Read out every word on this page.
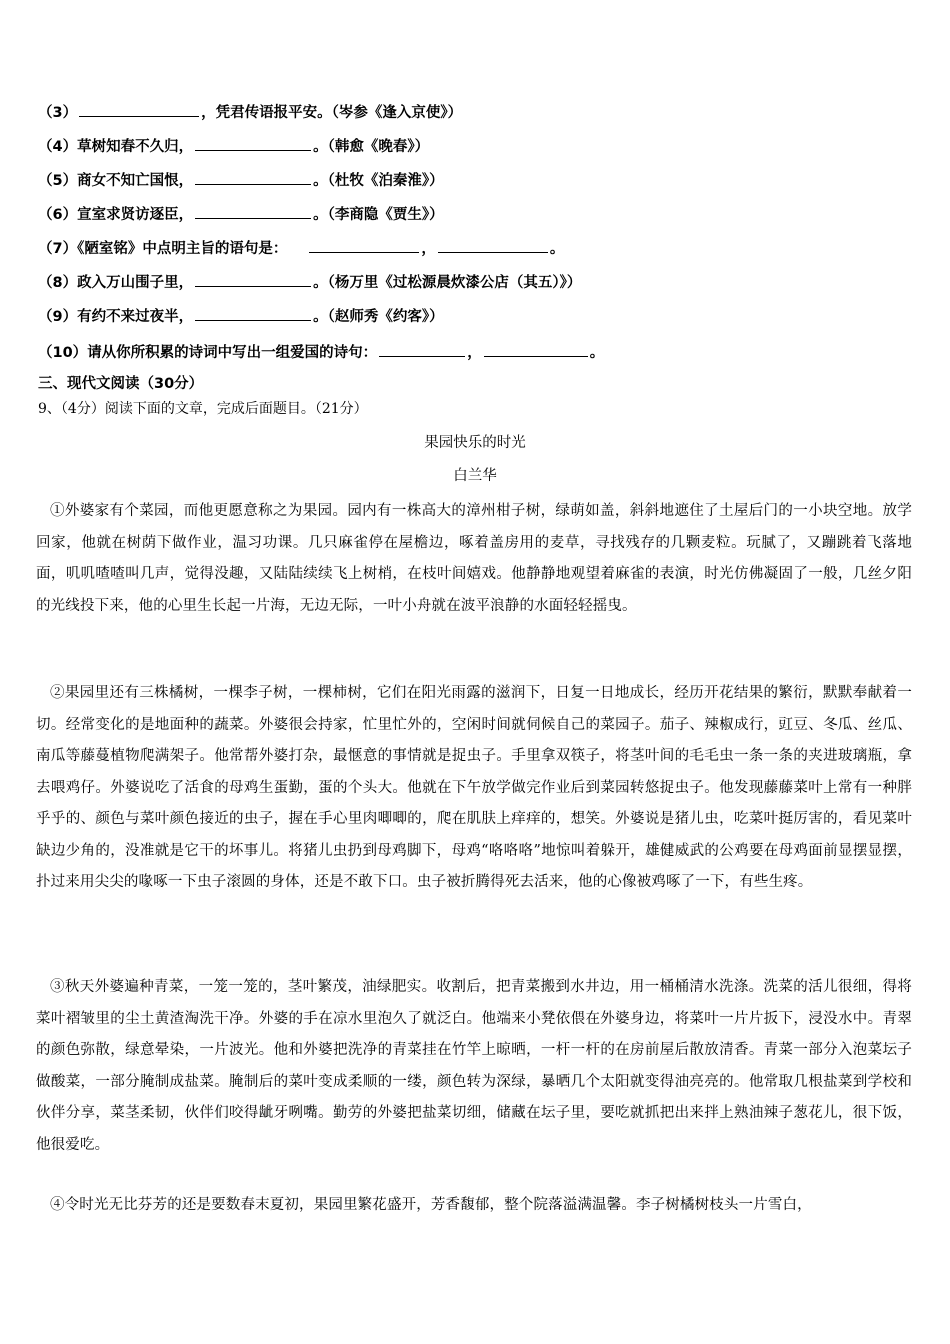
（3）	，凭君传语报平安。（岑参《逢入京使》）
（4）草树知春不久归，	。（韩愈《晚春》）
（5）商女不知亡国恨，	。（杜牧《泊秦淮》）
（6）宣室求贤访逐臣，	。（李商隐《贾生》）
（7）《陋室铭》中点明主旨的语句是：	，	。
（8）政入万山围子里，	。（杨万里《过松源晨炊漆公店（其五）》）
（9）有约不来过夜半，	。（赵师秀《约客》）
（10）请从你所积累的诗词中写出一组爱国的诗句：	，	。
三、现代文阅读（30分）
9、（4分）阅读下面的文章，完成后面题目。（21分）
果园快乐的时光
白兰华
①外婆家有个菜园，而他更愿意称之为果园。园内有一株高大的漳州柑子树，绿萌如盖，斜斜地遮住了土屋后门的一小块空地。放学回家，他就在树荫下做作业，温习功课。几只麻雀停在屋檐边，啄着盖房用的麦草，寻找残存的几颗麦粒。玩腻了，又蹦跳着飞落地面，叽叽喳喳叫几声，觉得没趣，又陆陆续续飞上树梢，在枝叶间嬉戏。他静静地观望着麻雀的表演，时光仿佛凝固了一般，几丝夕阳的光线投下来，他的心里生长起一片海，无边无际，一叶小舟就在波平浪静的水面轻轻摇曳。
②果园里还有三株橘树，一棵李子树，一棵柿树，它们在阳光雨露的滋润下，日复一日地成长，经历开花结果的繁衍，默默奉献着一切。经常变化的是地面种的蔬菜。外婆很会持家，忙里忙外的，空闲时间就伺候自己的菜园子。茄子、辣椒成行，豇豆、冬瓜、丝瓜、南瓜等藤蔓植物爬满架子。他常帮外婆打杂，最惬意的事情就是捉虫子。手里拿双筷子，将茎叶间的毛毛虫一条一条的夹进玻璃瓶，拿去喂鸡仔。外婆说吃了活食的母鸡生蛋勤，蛋的个头大。他就在下午放学做完作业后到菜园转悠捉虫子。他发现藤藤菜叶上常有一种胖乎乎的、颜色与菜叶颜色接近的虫子，握在手心里肉唧唧的，爬在肌肤上痒痒的，想笑。外婆说是猪儿虫，吃菜叶挺厉害的，看见菜叶缺边少角的，没准就是它干的坏事儿。将猪儿虫扔到母鸡脚下，母鸡“咯咯咯”地惊叫着躲开，雄健威武的公鸡要在母鸡面前显摆显摆，扑过来用尖尖的喙啄一下虫子滚圆的身体，还是不敢下口。虫子被折腾得死去活来，他的心像被鸡啄了一下，有些生疼。
③秋天外婆遍种青菜，一笼一笼的，茎叶繁茂，油绿肥实。收割后，把青菜搬到水井边，用一桶桶清水洗涤。洗菜的活儿很细，得将菜叶褶皱里的尘土黄渣淘洗干净。外婆的手在凉水里泡久了就泛白。他端来小凳依偎在外婆身边，将菜叶一片片扳下，浸没水中。青翠的颜色弥散，绿意晕染，一片波光。他和外婆把洗净的青菜挂在竹竿上晾晒，一杆一杆的在房前屋后散放清香。青菜一部分入泡菜坛子做酸菜，一部分腌制成盐菜。腌制后的菜叶变成柔顺的一缕，颜色转为深绿，暴晒几个太阳就变得油亮亮的。他常取几根盐菜到学校和伙伴分享，菜茎柔韧，伙伴们咬得龇牙咧嘴。勤劳的外婆把盐菜切细，储藏在坛子里，要吃就抓把出来拌上熟油辣子葱花儿，很下饭，他很爱吃。
④令时光无比芬芳的还是要数春末夏初，果园里繁花盛开，芳香馥郁，整个院落溢满温馨。李子树橘树枝头一片雪白，
